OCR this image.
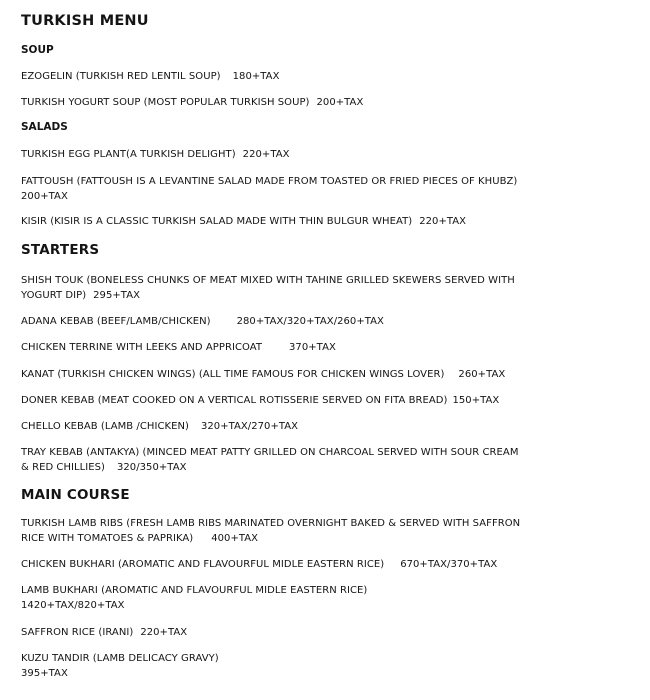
TURKISH MENU
SOUP
EZOGELIN (TURKISH RED LENTIL SOUP) 180+TAX
TURKISH YOGURT SOUP (MOST POPULAR TURKISH SOUP) 200+TAX
SALADS
TURKISH EGG PLANT(A TURKISH DELIGHT) 220+TAX
FATTOUSH (FATTOUSH IS A LEVANTINE SALAD MADE FROM TOASTED OR FRIED PIECES OF KHUBZ)
200+TAX
KISIR (KISIR IS A CLASSIC TURKISH SALAD MADE WITH THIN BULGUR WHEAT) 220+TAX
STARTERS
SHISH TOUK (BONELESS CHUNKS OF MEAT MIXED WITH TAHINE GRILLED SKEWERS SERVED WITH
YOGURT DIP) 295+TAX
ADANA KEBAB (BEEF/LAMB/CHICKEN)	280+TAX/320+TAX/260+TAX
CHICKEN TERRINE WITH LEEKS AND APPRICOAT	370+TAX
KANAT (TURKISH CHICKEN WINGS) (ALL TIME FAMOUS FOR CHICKEN WINGS LOVER) 260+TAX
DONER KEBAB (MEAT COOKED ON A VERTICAL ROTISSERIE SERVED ON FITA BREAD) 150+TAX
CHELLO KEBAB (LAMB /CHICKEN) 320+TAX/270+TAX
TRAY KEBAB (ANTAKYA) (MINCED MEAT PATTY GRILLED ON CHARCOAL SERVED WITH SOUR CREAM
& RED CHILLIES) 320/350+TAX
MAIN COURSE
TURKISH LAMB RIBS (FRESH LAMB RIBS MARINATED OVERNIGHT BAKED & SERVED WITH SAFFRON
RICE WITH TOMATOES & PAPRIKA) 400+TAX
CHICKEN BUKHARI (AROMATIC AND FLAVOURFUL MIDLE EASTERN RICE) 670+TAX/370+TAX
LAMB BUKHARI (AROMATIC AND FLAVOURFUL MIDLE EASTERN RICE)
1420+TAX/820+TAX
SAFFRON RICE (IRANI) 220+TAX
KUZU TANDIR (LAMB DELICACY GRAVY)
395+TAX
